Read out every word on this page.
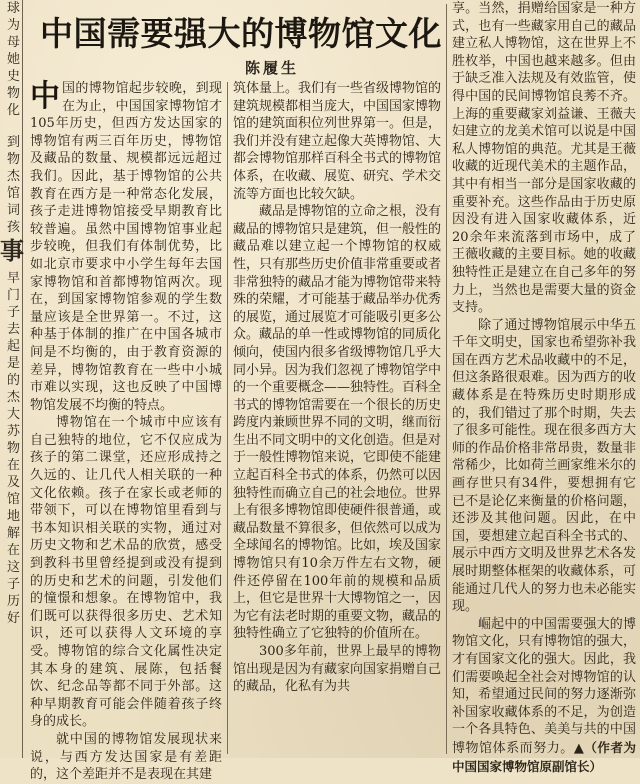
球
为
母
她
史
物
化
到
物
杰
馆
词
孩
事
早
门
子
去
起
是
的
杰
大
苏
物
在
及
馆
地
解
在
这
子
历
好
中国需要强大的博物馆文化
陈履生

中国的博物馆起步较晚，到现在为止，中国国家博物馆才105年历史，但西方发达国家的博物馆有两三百年历史，博物馆及藏品的数量、规模都远远超过我们。因此，基于博物馆的公共教育在西方是一种常态化发展，孩子走进博物馆接受早期教育比较普遍。虽然中国博物馆事业起步较晚，但我们有体制优势，比如北京市要求中小学生每年去国家博物馆和首都博物馆两次。现在，到国家博物馆参观的学生数量应该是全世界第一。不过，这种基于体制的推广在中国各城市间是不均衡的，由于教育资源的差异，博物馆教育在一些中小城市难以实现，这也反映了中国博物馆发展不均衡的特点。

博物馆在一个城市中应该有自己独特的地位，它不仅应成为孩子的第二课堂，还应形成持之久远的、让几代人相关联的一种文化依赖。孩子在家长或老师的带领下，可以在博物馆里看到与书本知识相关联的实物，通过对历史文物和艺术品的欣赏，感受到教科书里曾经提到或没有提到的历史和艺术的问题，引发他们的憧憬和想象。在博物馆中，我们既可以获得很多历史、艺术知识，还可以获得人文环境的享受。博物馆的综合文化属性决定其本身的建筑、展陈，包括餐饮、纪念品等都不同于外部。这种早期教育可能会伴随着孩子终身的成长。

就中国的博物馆发展现状来说，与西方发达国家是有差距的，这个差距并不是表现在其建

筑体量上。我们有一些省级博物馆的建筑规模都相当庞大，中国国家博物馆的建筑面积位列世界第一。但是，我们并没有建立起像大英博物馆、大都会博物馆那样百科全书式的博物馆体系，在收藏、展览、研究、学术交流等方面也比较欠缺。

藏品是博物馆的立命之根，没有藏品的博物馆只是建筑，但一般性的藏品难以建立起一个博物馆的权威性，只有那些历史价值非常重要或者非常独特的藏品才能为博物馆带来特殊的荣耀，才可能基于藏品举办优秀的展览，通过展览才可能吸引更多公众。藏品的单一性或博物馆的同质化倾向，使国内很多省级博物馆几乎大同小异。因为我们忽视了博物馆学中的一个重要概念——独特性。百科全书式的博物馆需要在一个很长的历史跨度内兼顾世界不同的文明，继而衍生出不同文明中的文化创造。但是对于一般性博物馆来说，它即使不能建立起百科全书式的体系，仍然可以因独特性而确立自己的社会地位。世界上有很多博物馆即使硬件很普通，或藏品数量不算很多，但依然可以成为全球闻名的博物馆。比如，埃及国家博物馆只有10余万件左右文物，硬件还停留在100年前的规模和品质上，但它是世界十大博物馆之一，因为它有法老时期的重要文物，藏品的独特性确立了它独特的价值所在。

300多年前，世界上最早的博物馆出现是因为有藏家向国家捐赠自己的藏品，化私有为共

享。当然，捐赠给国家是一种方式，也有一些藏家用自己的藏品建立私人博物馆，这在世界上不胜枚举，中国也越来越多。但由于缺乏准入法规及有效监管，使得中国的民间博物馆良莠不齐。上海的重要藏家刘益谦、王薇夫妇建立的龙美术馆可以说是中国私人博物馆的典范。尤其是王薇收藏的近现代美术的主题作品，其中有相当一部分是国家收藏的重要补充。这些作品由于历史原因没有进入国家收藏体系，近20余年来流落到市场中，成了王薇收藏的主要目标。她的收藏独特性正是建立在自己多年的努力上，当然也是需要大量的资金支持。

除了通过博物馆展示中华五千年文明史，国家也希望弥补我国在西方艺术品收藏中的不足，但这条路很艰难。因为西方的收藏体系是在特殊历史时期形成的，我们错过了那个时期，失去了很多可能性。现在很多西方大师的作品价格非常昂贵，数量非常稀少，比如荷兰画家维米尔的画存世只有34件，要想拥有它已不是论亿来衡量的价格问题，还涉及其他问题。因此，在中国，要想建立起百科全书式的、展示中西方文明及世界艺术各发展时期整体框架的收藏体系，可能通过几代人的努力也未必能实现。

崛起中的中国需要强大的博物馆文化，只有博物馆的强大，才有国家文化的强大。因此，我们需要唤起全社会对博物馆的认知，希望通过民间的努力逐渐弥补国家收藏体系的不足，为创造一个各具特色、美美与共的中国博物馆体系而努力。▲（作者为中国国家博物馆原副馆长）
